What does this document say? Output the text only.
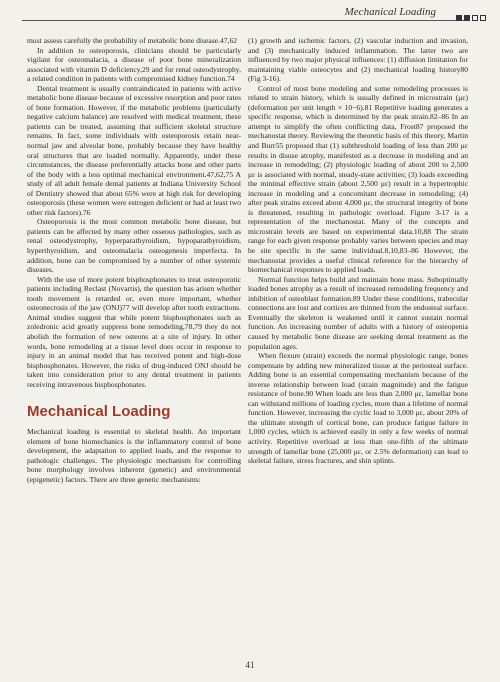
Mechanical Loading

must assess carefully the probability of metabolic bone disease.47,62

In addition to osteoporosis, clinicians should be particularly vigilant for osteomalacia, a disease of poor bone mineralization associated with vitamin D deficiency,29 and for renal osteodystrophy, a related condition in patients with compromised kidney function.74

Dental treatment is usually contraindicated in patients with active metabolic bone disease because of excessive resorption and poor rates of bone formation. However, if the metabolic problems (particularly negative calcium balance) are resolved with medical treatment, these patients can be treated, assuming that sufficient skeletal structure remains. In fact, some individuals with osteoporosis retain near-normal jaw and alveolar bone, probably because they have healthy oral structures that are loaded normally. Apparently, under these circumstances, the disease preferentially attacks bone and other parts of the body with a less optimal mechanical environment.47,62,75 A study of all adult female dental patients at Indiana University School of Dentistry showed that about 65% were at high risk for developing osteoporosis (these women were estrogen deficient or had at least two other risk factors).76

Osteoporosis is the most common metabolic bone disease, but patients can be affected by many other osseous pathologies, such as renal osteodystrophy, hyperparathyroidism, hypoparathyroidism, hyperthyroidism, and osteomalacia osteogenesis imperfecta. In addition, bone can be compromised by a number of other systemic diseases.

With the use of more potent bisphosphonates to treat osteoporotic patients including Reclast (Novartis), the question has arisen whether tooth movement is retarded or, even more important, whether osteonecrosis of the jaw (ONJ)77 will develop after tooth extractions. Animal studies suggest that while potent bisphosphonates such as zoledronic acid greatly suppress bone remodeling,78,79 they do not abolish the formation of new osteons at a site of injury. In other words, bone remodeling at a tissue level does occur in response to injury in an animal model that has received potent and high-dose bisphosphonates. However, the risks of drug-induced ONJ should be taken into consideration prior to any dental treatment in patients receiving intravenous bisphosphonates.

Mechanical Loading

Mechanical loading is essential to skeletal health. An important element of bone biomechanics is the inflammatory control of bone development, the adaptation to applied loads, and the response to pathologic challenges. The physiologic mechanism for controlling bone morphology involves inherent (genetic) and environmental (epigenetic) factors. There are three genetic mechanisms:

(1) growth and ischemic factors, (2) vascular induction and invasion, and (3) mechanically induced inflammation. The latter two are influenced by two major physical influences: (1) diffusion limitation for maintaining viable osteocytes and (2) mechanical loading history80 (Fig 3-16).

Control of most bone modeling and some remodeling processes is related to strain history, which is usually defined in microstrain (με) (deformation per unit length × 10−6).81 Repetitive loading generates a specific response, which is determined by the peak strain.82–86 In an attempt to simplify the often conflicting data, Frost87 proposed the mechanostat theory. Reviewing the theoretic basis of this theory, Martin and Burr55 proposed that (1) subthreshold loading of less than 200 με results in disuse atrophy, manifested as a decrease in modeling and an increase in remodeling; (2) physiologic loading of about 200 to 2,500 με is associated with normal, steady-state activities; (3) loads exceeding the minimal effective strain (about 2,500 με) result in a hypertrophic increase in modeling and a concomitant decrease in remodeling; (4) after peak strains exceed about 4,000 με, the structural integrity of bone is threatened, resulting in pathologic overload. Figure 3-17 is a representation of the mechanostat. Many of the concepts and microstrain levels are based on experimental data.10,88 The strain range for each given response probably varies between species and may be site specific in the same individual.8,10,83–86 However, the mechanostat provides a useful clinical reference for the hierarchy of biomechanical responses to applied loads.

Normal function helps build and maintain bone mass. Suboptimally loaded bones atrophy as a result of increased remodeling frequency and inhibition of osteoblast formation.89 Under these conditions, trabecular connections are lost and cortices are thinned from the endosteal surface. Eventually the skeleton is weakened until it cannot sustain normal function. An increasing number of adults with a history of osteopenia caused by metabolic bone disease are seeking dental treatment as the population ages.

When flexure (strain) exceeds the normal physiologic range, bones compensate by adding new mineralized tissue at the periosteal surface. Adding bone is an essential compensating mechanism because of the inverse relationship between load (strain magnitude) and the fatigue resistance of bone.90 When loads are less than 2,000 με, lamellar bone can withstand millions of loading cycles, more than a lifetime of normal function. However, increasing the cyclic load to 3,000 με, about 20% of the ultimate strength of cortical bone, can produce fatigue failure in 1,000 cycles, which is achieved easily in only a few weeks of normal activity. Repetitive overload at less than one-fifth of the ultimate strength of lamellar bone (25,000 με, or 2.5% deformation) can lead to skeletal failure, stress fractures, and shin splints.

41
